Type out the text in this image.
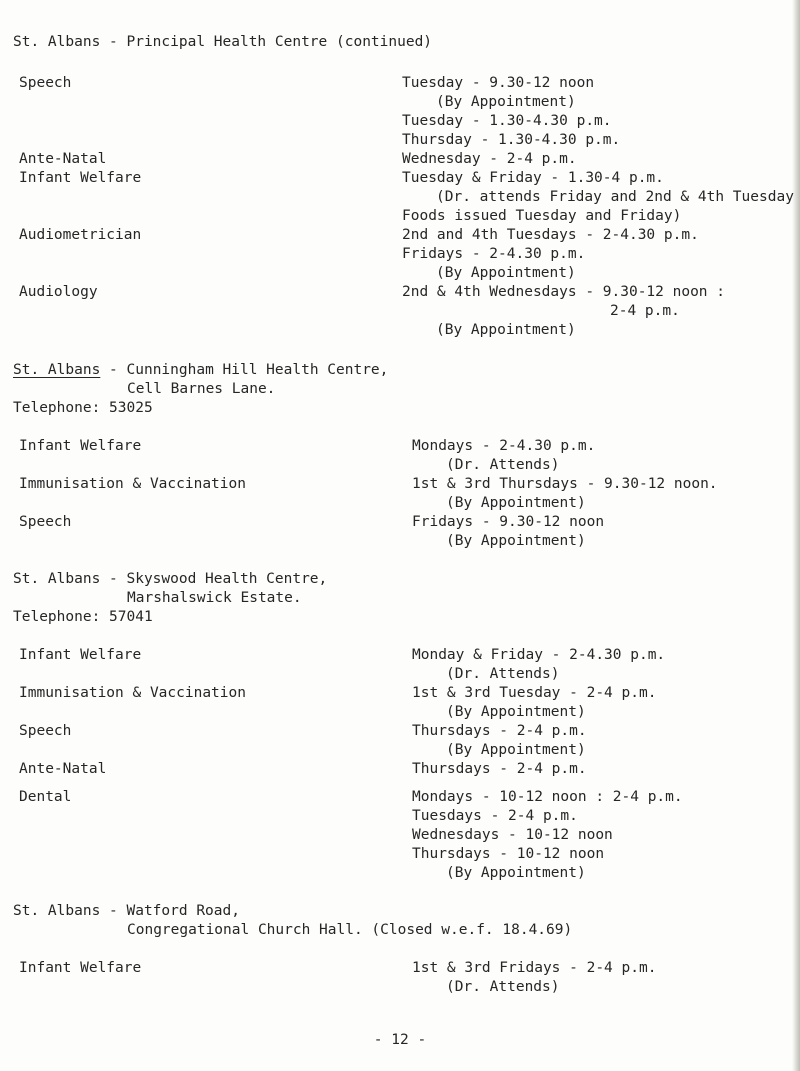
St. Albans - Principal Health Centre (continued)
Speech	Tuesday - 9.30-12 noon
(By Appointment)
Tuesday - 1.30-4.30 p.m.
Thursday - 1.30-4.30 p.m.
Ante-Natal	Wednesday - 2-4 p.m.
Infant Welfare	Tuesday & Friday - 1.30-4 p.m.
(Dr. attends Friday and 2nd & 4th Tuesday
Foods issued Tuesday and Friday)
Audiometrician	2nd and 4th Tuesdays - 2-4.30 p.m.
Fridays - 2-4.30 p.m.
(By Appointment)
Audiology	2nd & 4th Wednesdays - 9.30-12 noon :
2-4 p.m.
(By Appointment)
St. Albans - Cunningham Hill Health Centre,
Cell Barnes Lane.
Telephone: 53025
Infant Welfare	Mondays - 2-4.30 p.m.
(Dr. Attends)
Immunisation & Vaccination	1st & 3rd Thursdays - 9.30-12 noon.
(By Appointment)
Speech	Fridays - 9.30-12 noon
(By Appointment)
St. Albans - Skyswood Health Centre,
Marshalswick Estate.
Telephone: 57041
Infant Welfare	Monday & Friday - 2-4.30 p.m.
(Dr. Attends)
Immunisation & Vaccination	1st & 3rd Tuesday - 2-4 p.m.
(By Appointment)
Speech	Thursdays - 2-4 p.m.
(By Appointment)
Ante-Natal	Thursdays - 2-4 p.m.
Dental	Mondays - 10-12 noon : 2-4 p.m.
Tuesdays - 2-4 p.m.
Wednesdays - 10-12 noon
Thursdays - 10-12 noon
(By Appointment)
St. Albans - Watford Road,
Congregational Church Hall. (Closed w.e.f. 18.4.69)
Infant Welfare	1st & 3rd Fridays - 2-4 p.m.
(Dr. Attends)
- 12 -
